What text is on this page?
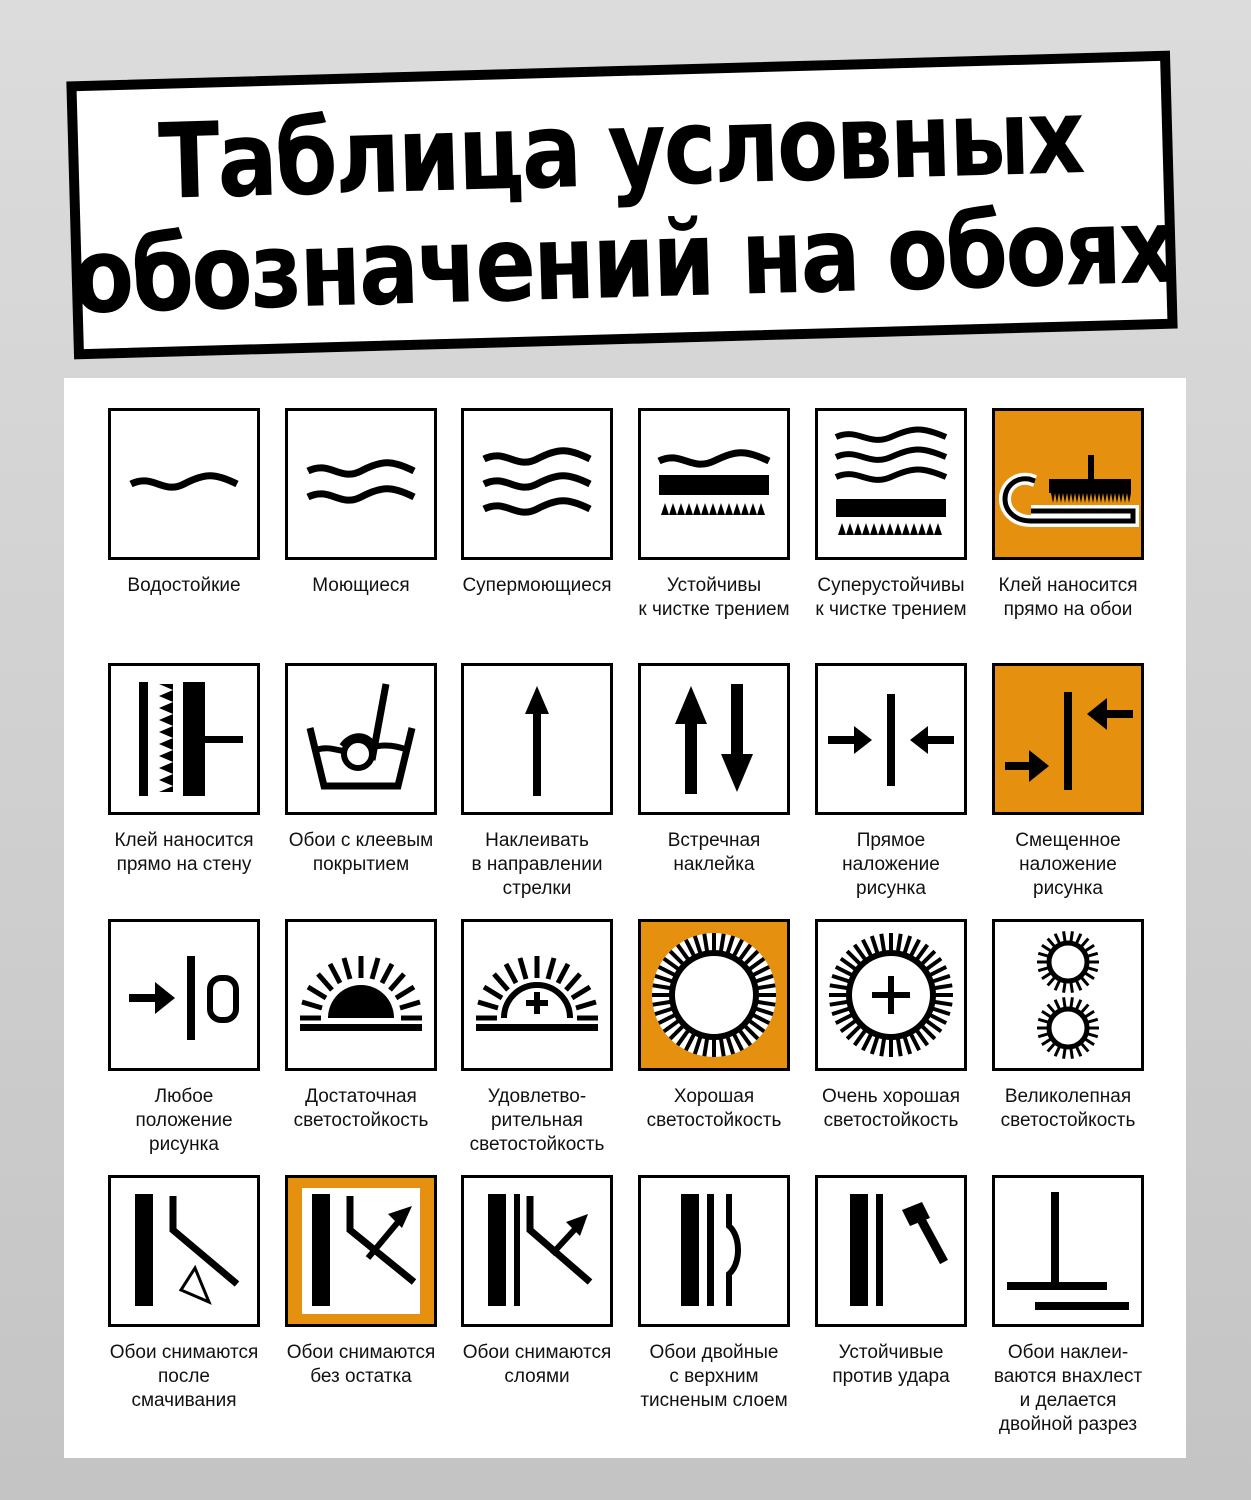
Таблица условных
обозначений на обоях
Водостойкие	Моющиеся	Супермоющиеся	Устойчивы
к чистке трением
Суперустойчивы
к чистке трением
Клей наносится
прямо на обои
Клей наносится
прямо на стену
Обои с клеевым
покрытием
Наклеивать
в направлении
стрелки
Встречная
наклейка
Прямое
наложение
рисунка
Смещенное
наложение
рисунка
Любое
положение
рисунка
Достаточная
светостойкость
Удовлетво-
рительная
светостойкость
Хорошая
светостойкость
Очень хорошая
светостойкость
Великолепная
светостойкость
Обои снимаются
после
смачивания
Обои снимаются
без остатка
Обои снимаются
слоями
Обои двойные
с верхним
тисненым слоем
Устойчивые
против удара
Обои наклеи-
ваются внахлест
и делается
двойной разрез
